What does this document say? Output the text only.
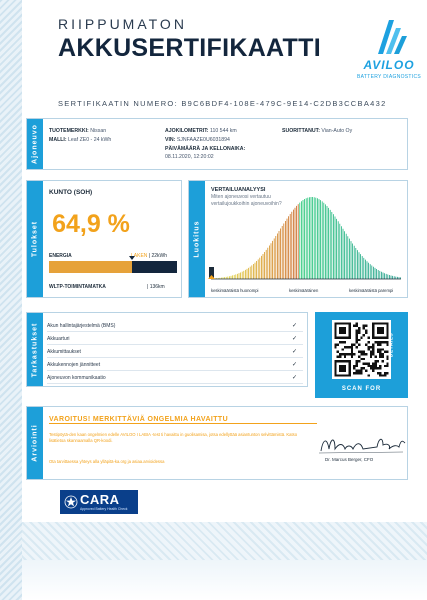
RIIPPUMATON
AKKUSERTIFIKAATTI
AVILOO
BATTERY DIAGNOSTICS
SERTIFIKAATIN NUMERO: B9C6BDF4-108E-479C-9E14-C2DB3CCBA432
Ajoneuvo TUOTEMERKKI: Nissan
MALLI: Leaf ZE0 - 24 kWh
AJOKILOMETRIT: 110 544 km
VIN: SJNFAAZE0U6031894
PÄIVÄMÄÄRÄ JA KELLONAIKA:
08.11.2020, 12:20:02
SUORITTANUT: Vian-Auto Oy
Tulokset
KUNTO (SOH)
64,9 %
ENERGIA	LAKEN | 22kWh
WLTP-TOIMINTAMATKA	| 136km
Luokitus
VERTAILUANALYYSI
Miten ajoneuvosi vertautuu vertailujoukkoihin ajoneuvoihin?
keskimääräistä huonompi	keskimääräinen	keskimääräistä parempi
Tarkastukset Akun hallintajärjestelmä (BMS)	✓
Akkuarturi	✓
Akkumittaukset	✓
Akkukennojen jännitteet	✓
Ajoneuvon kommunikaatio	✓
SCAN FOR
DETAILS
Arviointi
VAROITUS! MERKITTÄVIÄ ONGELMIA HAVAITTU
Testipöytä-den kaan ongelmien edelle AVILOO I LABIA -test ti havaittu in guolisamisa, jotsa edellyttää asiantunton selvittämistä. Katso lisätietoa skannaamalla QR-koodi.
Ota tarvittaessa yhteys alla ylläpitä-ka.org ja asiaa.arvioidessa	Dr. Marcus Berger, CFO
CARA
Approved Battery Health Check
